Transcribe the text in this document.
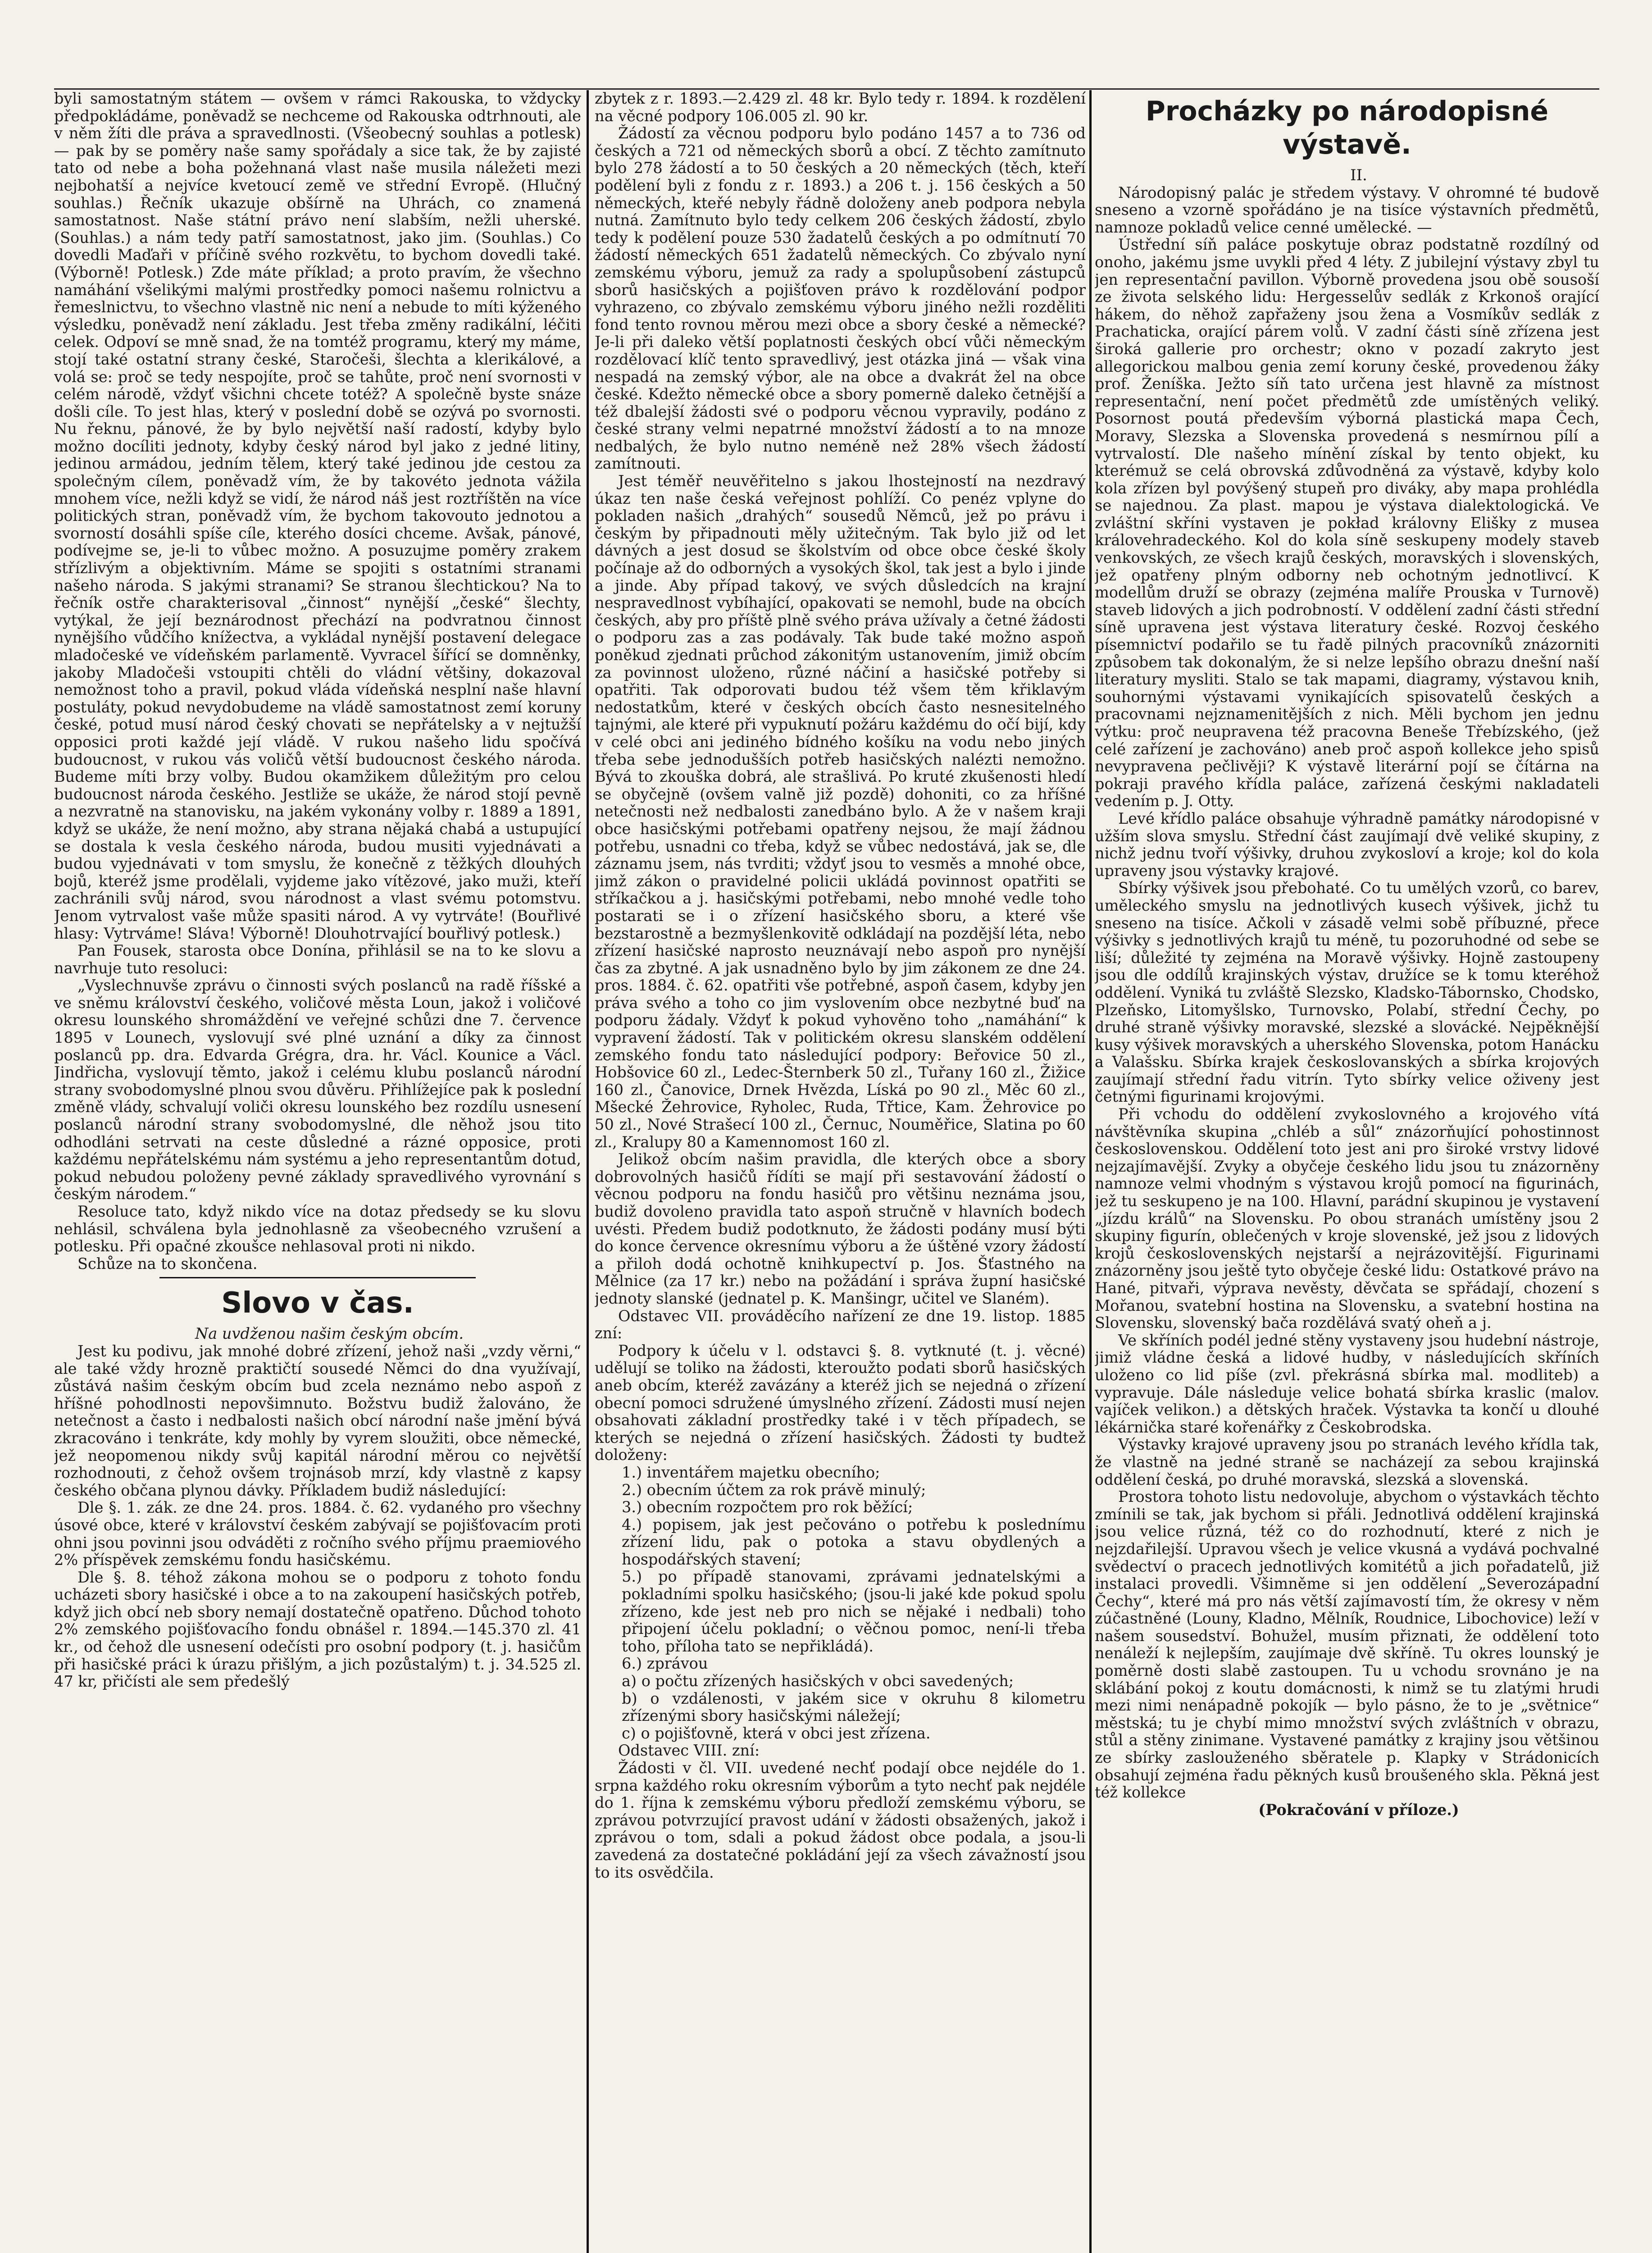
byli samostatným státem — ovšem v rámci Rakouska, to vždycky předpokládáme, poněvadž se nechceme od Rakouska odtrhnouti, ale v něm žíti dle práva a spravedlnosti. (Všeobecný souhlas a potlesk) — pak by se poměry naše samy spořádaly a sice tak, že by zajisté tato od nebe a boha požehnaná vlast naše musila náležeti mezi nejbohatší a nejvíce kvetoucí země ve střední Evropě. (Hlučný souhlas.) Řečník ukazuje obšírně na Uhrách, co znamená samostatnost. Naše státní právo není slabším, nežli uherské. (Souhlas.) a nám tedy patří samostatnost, jako jim. (Souhlas.) Co dovedli Maďaři v příčině svého rozkvětu, to bychom dovedli také. (Výborně! Potlesk.) Zde máte příklad; a proto pravím, že všechno namáhání všelikými malými prostředky pomoci našemu rolnictvu a řemeslnictvu, to všechno vlastně nic není a nebude to míti kýženého výsledku, poněvadž není základu. Jest třeba změny radikální, léčiti celek. Odpoví se mně snad, že na tomtéž programu, který my máme, stojí také ostatní strany české, Staročeši, šlechta a klerikálové, a volá se: proč se tedy nespojíte, proč se tahůte, proč není svornosti v celém národě, vždyť všichni chcete totéž? A společně byste snáze došli cíle. To jest hlas, který v poslední době se ozývá po svornosti. Nu řeknu, pánové, že by bylo největší naší radostí, kdyby bylo možno docíliti jednoty, kdyby český národ byl jako z jedné litiny, jedinou armádou, jedním tělem, který také jedinou jde cestou za společným cílem, poněvadž vím, že by takovéto jednota vážila mnohem více, nežli když se vidí, že národ náš jest roztříštěn na více politických stran, poněvadž vím, že bychom takovouto jednotou a svorností dosáhli spíše cíle, kterého dosíci chceme. Avšak, pánové, podívejme se, je-li to vůbec možno. A posuzujme poměry zrakem střízlivým a objektivním. Máme se spojiti s ostatními stranami našeho národa. S jakými stranami? Se stranou šlechtickou? Na to řečník ostře charakterisoval „činnost“ nynější „české“ šlechty, vytýkal, že její beznárodnost přechází na podvratnou činnost nynějšího vůdčího knížectva, a vykládal nynější postavení delegace mladočeské ve vídeňském parlamentě. Vyvracel šířící se domněnky, jakoby Mladočeši vstoupiti chtěli do vládní většiny, dokazoval nemožnost toho a pravil, pokud vláda vídeňská nesplní naše hlavní postuláty, pokud nevydobudeme na vládě samostatnost zemí koruny české, potud musí národ český chovati se nepřátelsky a v nejtužší opposici proti každé její vládě. V rukou našeho lidu spočívá budoucnost, v rukou vás voličů větší budoucnost českého národa. Budeme míti brzy volby. Budou okamžikem důležitým pro celou budoucnost národa českého. Jestliže se ukáže, že národ stojí pevně a nezvratně na stanovisku, na jakém vykonány volby r. 1889 a 1891, když se ukáže, že není možno, aby strana nějaká chabá a ustupující se dostala k vesla českého národa, budou musiti vyjednávati a budou vyjednávati v tom smyslu, že konečně z těžkých dlouhých bojů, kteréž jsme prodělali, vyjdeme jako vítězové, jako muži, kteří zachránili svůj národ, svou národnost a vlast svému potomstvu. Jenom vytrvalost vaše může spasiti národ. A vy vytrváte! (Bouřlivé hlasy: Vytrváme! Sláva! Výborně! Dlouhotrvající bouřlivý potlesk.)

Pan Fousek, starosta obce Donína, přihlásil se na to ke slovu a navrhuje tuto resoluci:

„Vyslechnuvše zprávu o činnosti svých poslanců na radě říšské a ve sněmu království českého, voličové města Loun, jakož i voličové okresu lounského shromáždění ve veřejné schůzi dne 7. července 1895 v Lounech, vyslovují své plné uznání a díky za činnost poslanců pp. dra. Edvarda Grégra, dra. hr. Václ. Kounice a Václ. Jindřicha, vyslovují těmto, jakož i celému klubu poslanců národní strany svobodomyslné plnou svou důvěru. Přihlížejíce pak k poslední změně vlády, schvalují voliči okresu lounského bez rozdílu usnesení poslanců národní strany svobodomyslné, dle něhož jsou tito odhodláni setrvati na ceste důsledné a rázné opposice, proti každému nepřátelskému nám systému a jeho representantům dotud, pokud nebudou položeny pevné základy spravedlivého vyrovnání s českým národem.“

Resoluce tato, když nikdo více na dotaz předsedy se ku slovu nehlásil, schválena byla jednohlasně za všeobecného vzrušení a potlesku. Při opačné zkoušce nehlasoval proti ni nikdo.

Schůze na to skončena.

Slovo v čas.

Na uvdženou našim českým obcím.

Jest ku podivu, jak mnohé dobré zřízení, jehož naši „vzdy věrni,“ ale také vždy hrozně praktičtí sousedé Němci do dna využívají, zůstává našim českým obcím bud zcela neznámo nebo aspoň z hříšné pohodlnosti nepovšimnuto. Božstvu budiž žalováno, že netečnost a často i nedbalosti našich obcí národní naše jmění bývá zkracováno i tenkráte, kdy mohly by vyrem sloužiti, obce německé, jež neopomenou nikdy svůj kapitál národní měrou co největší rozhodnouti, z čehož ovšem trojnásob mrzí, kdy vlastně z kapsy českého občana plynou dávky. Příkladem budiž následující:

Dle §. 1. zák. ze dne 24. pros. 1884. č. 62. vydaného pro všechny úsové obce, které v království českém zabývají se pojišťovacím proti ohni jsou povinni jsou odváděti z ročního svého příjmu praemiového 2% příspěvek zemskému fondu hasičskému.

Dle §. 8. téhož zákona mohou se o podporu z tohoto fondu ucházeti sbory hasičské i obce a to na zakoupení hasičských potřeb, když jich obcí neb sbory nemají dostatečně opatřeno. Důchod tohoto 2% zemského pojišťovacího fondu obnášel r. 1894.—145.370 zl. 41 kr., od čehož dle usnesení odečísti pro osobní podpory (t. j. hasičům při hasičské práci k úrazu přišlým, a jich pozůstalým) t. j. 34.525 zl. 47 kr, přičísti ale sem předešlý

zbytek z r. 1893.—2.429 zl. 48 kr. Bylo tedy r. 1894. k rozdělení na věcné podpory 106.005 zl. 90 kr.

Žádostí za věcnou podporu bylo podáno 1457 a to 736 od českých a 721 od německých sborů a obcí. Z těchto zamítnuto bylo 278 žádostí a to 50 českých a 20 německých (těch, kteří podělení byli z fondu z r. 1893.) a 206 t. j. 156 českých a 50 německých, kteřé nebyly řádně doloženy aneb podpora nebyla nutná. Zamítnuto bylo tedy celkem 206 českých žádostí, zbylo tedy k podělení pouze 530 žadatelů českých a po odmítnutí 70 žádostí německých 651 žadatelů německých. Co zbývalo nyní zemskému výboru, jemuž za rady a spolupůsobení zástupců sborů hasičských a pojišťoven právo k rozdělování podpor vyhrazeno, co zbývalo zemskému výboru jiného nežli rozděliti fond tento rovnou měrou mezi obce a sbory české a německé? Je-li při daleko větší poplatnosti českých obcí vůči německým rozdělovací klíč tento spravedlivý, jest otázka jiná — však vina nespadá na zemský výbor, ale na obce a dvakrát žel na obce české. Kdežto německé obce a sbory pomerně daleko četnější a též dbalejší žádosti své o podporu věcnou vypravily, podáno z české strany velmi nepatrné množství žádostí a to na mnoze nedbalých, že bylo nutno neméně než 28% všech žádostí zamítnouti.

Jest téměř neuvěřitelno s jakou lhostejností na nezdravý úkaz ten naše česká veřejnost pohlíží. Co penéz vplyne do pokladen našich „drahých“ sousedů Němců, jež po právu i českým by připadnouti měly užitečným. Tak bylo již od let dávných a jest dosud se školstvím od obce obce české školy počínaje až do odborných a vysokých škol, tak jest a bylo i jinde a jinde. Aby případ takový, ve svých důsledcích na krajní nespravedlnost vybíhající, opakovati se nemohl, bude na obcích českých, aby pro příště plně svého práva užívaly a četné žádosti o podporu zas a zas podávaly. Tak bude také možno aspoň poněkud zjednati průchod zákonitým ustanovením, jimiž obcím za povinnost uloženo, různé náčiní a hasičské potřeby si opatřiti. Tak odporovati budou též všem těm křiklavým nedostatkům, které v českých obcích často nesnesitelného tajnými, ale které při vypuknutí požáru každému do očí bijí, kdy v celé obci ani jediného bídného košíku na vodu nebo jiných třeba sebe jednodušších potřeb hasičských nalézti nemožno. Bývá to zkouška dobrá, ale strašlivá. Po kruté zkušenosti hledí se obyčejně (ovšem valně již pozdě) dohoniti, co za hříšné netečnosti než nedbalosti zanedbáno bylo. A že v našem kraji obce hasičskými potřebami opatřeny nejsou, že mají žádnou potřebu, usnadni co třeba, když se vůbec nedostává, jak se, dle záznamu jsem, nás tvrditi; vždyť jsou to vesměs a mnohé obce, jimž zákon o pravidelné policii ukládá povinnost opatřiti se stříkačkou a j. hasičskými potřebami, nebo mnohé vedle toho postarati se i o zřízení hasičského sboru, a které vše bezstarostně a bezmyšlenkovitě odkládají na pozdější léta, nebo zřízení hasičské naprosto neuznávají nebo aspoň pro nynější čas za zbytné. A jak usnadněno bylo by jim zákonem ze dne 24. pros. 1884. č. 62. opatřiti vše potřebné, aspoň časem, kdyby jen práva svého a toho co jim vyslovením obce nezbytné buď na podporu žádaly. Vždyť k pokud vyhověno toho „namáhání“ k vypravení žádostí. Tak v politickém okresu slanském oddělení zemského fondu tato následující podpory: Beřovice 50 zl., Hobšovice 60 zl., Ledec-Šternberk 50 zl., Tuřany 160 zl., Žižice 160 zl., Čanovice, Drnek Hvězda, Líská po 90 zl., Měc 60 zl., Mšecké Žehrovice, Ryholec, Ruda, Třtice, Kam. Žehrovice po 50 zl., Nové Strašecí 100 zl., Černuc, Nouměřice, Slatina po 60 zl., Kralupy 80 a Kamennomost 160 zl.

Jelikož obcím našim pravidla, dle kterých obce a sbory dobrovolných hasičů řídíti se mají při sestavování žádostí o věcnou podporu na fondu hasičů pro většinu neznáma jsou, budiž dovoleno pravidla tato aspoň stručně v hlavních bodech uvésti. Předem budiž podotknuto, že žádosti podány musí býti do konce července okresnímu výboru a že úštěné vzory žádostí a přiloh dodá ochotně knihkupectví p. Jos. Šťastného na Mělnice (za 17 kr.) nebo na požádání i správa župní hasičské jednoty slanské (jednatel p. K. Manšingr, učitel ve Slaném).

Odstavec VII. prováděcího nařízení ze dne 19. listop. 1885 zní:

Podpory k účelu v l. odstavci §. 8. vytknuté (t. j. věcné) udělují se toliko na žádosti, kteroužto podati sborů hasičských aneb obcím, kteréž zavázány a kteréž jich se nejedná o zřízení obecní pomoci sdružené úmyslného zřízení. Zádosti musí nejen obsahovati základní prostředky také i v těch případech, se kterých se nejedná o zřízení hasičských. Žádosti ty budtež doloženy:

1.) inventářem majetku obecního;

2.) obecním účtem za rok právě minulý;

3.) obecním rozpočtem pro rok běžící;

4.) popisem, jak jest pečováno o potřebu k poslednímu zřízení lidu, pak o potoka a stavu obydlených a hospodářských stavení;

5.) po případě stanovami, zprávami jednatelskými a pokladními spolku hasičského; (jsou-li jaké kde pokud spolu zřízeno, kde jest neb pro nich se nějaké i nedbali) toho připojení účelu pokladní; o věčnou pomoc, není-li třeba toho, příloha tato se nepřikládá).

6.) zprávou

a) o počtu zřízených hasičských v obci savedených;

b) o vzdálenosti, v jakém sice v okruhu 8 kilometru zřízenými sbory hasičskými náležejí;

c) o pojišťovně, která v obci jest zřízena.

Odstavec VIII. zní:

Žádosti v čl. VII. uvedené nechť podají obce nejdéle do 1. srpna každého roku okresním výborům a tyto nechť pak nejdéle do 1. října k zemskému výboru předloží zemskému výboru, se zprávou potvrzující pravost udání v žádosti obsažených, jakož i zprávou o tom, sdali a pokud žádost obce podala, a jsou-li zavedená za dostatečné pokládání její za všech závažností jsou to its osvědčila.

Procházky po národopisné výstavě.

II.

Národopisný palác je středem výstavy. V ohromné té budově sneseno a vzorně spořádáno je na tisíce výstavních předmětů, namnoze pokladů velice cenné umělecké. —

Ústřední síň paláce poskytuje obraz podstatně rozdílný od onoho, jakému jsme uvykli před 4 léty. Z jubilejní výstavy zbyl tu jen representační pavillon. Výborně provedena jsou obě sousoší ze života selského lidu: Hergesselův sedlák z Krkonoš orající hákem, do něhož zapřaženy jsou žena a Vosmíkův sedlák z Prachaticka, orající párem volů. V zadní části síně zřízena jest široká gallerie pro orchestr; okno v pozadí zakryto jest allegorickou malbou genia zemí koruny české, provedenou žáky prof. Ženíška. Ježto síň tato určena jest hlavně za místnost representační, není počet předmětů zde umístěných veliký. Posornost poutá především výborná plastická mapa Čech, Moravy, Slezska a Slovenska provedená s nesmírnou pílí a vytrvalostí. Dle našeho mínění získal by tento objekt, ku kterémuž se celá obrovská zdůvodněná za výstavě, kdyby kolo kola zřízen byl povýšený stupeň pro diváky, aby mapa prohlédla se najednou. Za plast. mapou je výstava dialektologická. Ve zvláštní skříni vystaven je pokład královny Elišky z musea královehradeckého. Kol do kola síně seskupeny modely staveb venkovských, ze všech krajů českých, moravských i slovenských, jež opatřeny plným odborny neb ochotným jednotlivcí. K modellům druží se obrazy (zejména malíře Prouska v Turnově) staveb lidových a jich podrobností. V oddělení zadní části střední síně upravena jest výstava literatury české. Rozvoj českého písemnictví podařilo se tu řadě pilných pracovníků znázorniti způsobem tak dokonalým, že si nelze lepšího obrazu dnešní naší literatury mysliti. Stalo se tak mapami, diagramy, výstavou knih, souhornými výstavami vynikajících spisovatelů českých a pracovnami nejznamenitějších z nich. Měli bychom jen jednu výtku: proč neupravena též pracovna Beneše Třebízského, (jež celé zařízení je zachováno) aneb proč aspoň kollekce jeho spisů nevypravena pečlivěji? K výstavě literární pojí se čítárna na pokraji pravého křídla paláce, zařízená českými nakladateli vedením p. J. Otty.

Levé křídlo paláce obsahuje výhradně památky národopisné v užším slova smyslu. Střední část zaujímají dvě veliké skupiny, z nichž jednu tvoří výšivky, druhou zvykosloví a kroje; kol do kola upraveny jsou výstavky krajové.

Sbírky výšivek jsou přebohaté. Co tu umělých vzorů, co barev, uměleckého smyslu na jednotlivých kusech výšivek, jichž tu sneseno na tisíce. Ačkoli v zásadě velmi sobě příbuzné, přece výšivky s jednotlivých krajů tu méně, tu pozoruhodné od sebe se liší; důležité ty zejména na Moravě výšivky. Hojně zastoupeny jsou dle oddílů krajinských výstav, družíce se k tomu kteréhož oddělení. Vyniká tu zvláště Slezsko, Kladsko-Tábornsko, Chodsko, Plzeňsko, Litomyšlsko, Turnovsko, Polabí, střední Čechy, po druhé straně výšivky moravské, slezské a slovácké. Nejpěknější kusy výšivek moravských a uherského Slovenska, potom Hanácku a Valašsku. Sbírka krajek českoslovanských a sbírka krojových zaujímají střední řadu vitrín. Tyto sbírky velice oživeny jest četnými figurinami krojovými.

Při vchodu do oddělení zvykoslovného a krojového vítá návštěvníka skupina „chléb a sůl“ znázorňující pohostinnost československou. Oddělení toto jest ani pro široké vrstvy lidové nejzajímavější. Zvyky a obyčeje českého lidu jsou tu znázorněny namnoze velmi vhodným s výstavou krojů pomocí na figurinách, jež tu seskupeno je na 100. Hlavní, parádní skupinou je vystavení „jízdu králů“ na Slovensku. Po obou stranách umístěny jsou 2 skupiny figurín, oblečených v kroje slovenské, jež jsou z lidových krojů československých nejstarší a nejrázovitější. Figurinami znázorněny jsou ještě tyto obyčeje české lidu: Ostatkové právo na Hané, pitvaři, výprava nevěsty, děvčata se spřádají, chození s Mořanou, svatební hostina na Slovensku, a svatební hostina na Slovensku, slovenský bača rozdělává svatý oheň a j.

Ve skříních podél jedné stěny vystaveny jsou hudební nástroje, jimiž vládne česká a lidové hudby, v následujících skříních uloženo co lid píše (zvl. překrásná sbírka mal. modliteb) a vypravuje. Dále následuje velice bohatá sbírka kraslic (malov. vajíček velikon.) a dětských hraček. Výstavka ta končí u dlouhé lékárnička staré kořenářky z Českobrodska.

Výstavky krajové upraveny jsou po stranách levého křídla tak, že vlastně na jedné straně se nacházejí za sebou krajinská oddělení česká, po druhé moravská, slezská a slovenská.

Prostora tohoto listu nedovoluje, abychom o výstavkách těchto zmínili se tak, jak bychom si přáli. Jednotlivá oddělení krajinská jsou velice různá, též co do rozhodnutí, které z nich je nejzdařilejší. Upravou všech je velice vkusná a vydává pochvalné svědectví o pracech jednotlivých komitétů a jich pořadatelů, již instalaci provedli. Všimněme si jen oddělení „Severozápadní Čechy“, které má pro nás větší zajímavostí tím, že okresy v něm zúčastněné (Louny, Kladno, Mělník, Roudnice, Libochovice) leží v našem sousedství. Bohužel, musím přiznati, že oddělení toto nenáleží k nejlepším, zaujímaje dvě skříně. Tu okres lounský je poměrně dosti slabě zastoupen. Tu u vchodu srovnáno je na sklábání pokoj z koutu domácnosti, k nimž se tu zlatými hrudi mezi nimi nenápadně pokojík — bylo pásno, že to je „světnice“ městská; tu je chybí mimo množství svých zvláštních v obrazu, stůl a stěny zinimane. Vystavené památky z krajiny jsou většinou ze sbírky zaslouženého sběratele p. Klapky v Strádonicích obsahují zejména řadu pěkných kusů broušeného skla. Pěkná jest též kollekce

(Pokračování v příloze.)
